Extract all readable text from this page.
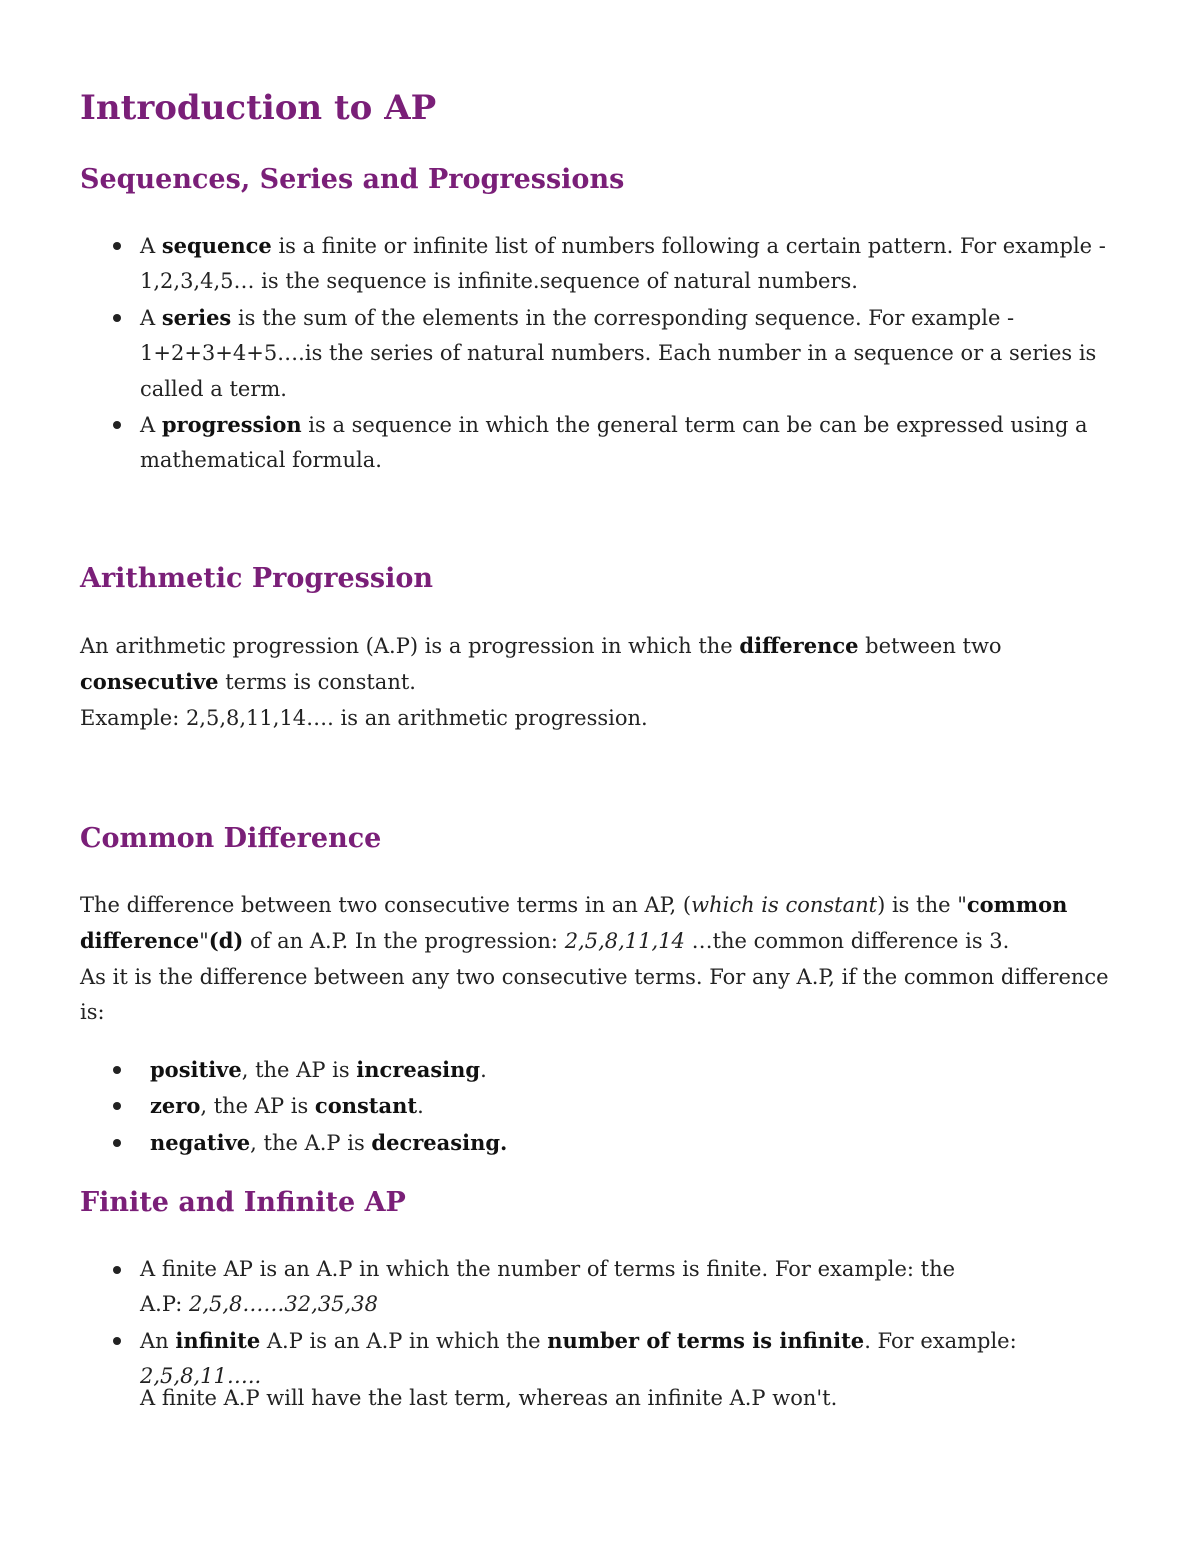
Introduction to AP
Sequences, Series and Progressions
A sequence is a finite or infinite list of numbers following a certain pattern. For example - 1,2,3,4,5… is the sequence is infinite.sequence of natural numbers.
A series is the sum of the elements in the corresponding sequence. For example - 1+2+3+4+5….is the series of natural numbers. Each number in a sequence or a series is called a term.
A progression is a sequence in which the general term can be can be expressed using a mathematical formula.
Arithmetic Progression

An arithmetic progression (A.P) is a progression in which the difference between two consecutive terms is constant.
Example: 2,5,8,11,14…. is an arithmetic progression.

Common Difference

The difference between two consecutive terms in an AP, (which is constant) is the "common difference"(d) of an A.P. In the progression: 2,5,8,11,14 …the common difference is 3.
As it is the difference between any two consecutive terms. For any A.P, if the common difference is:

positive, the AP is increasing.
zero, the AP is constant.
negative, the A.P is decreasing.
Finite and Infinite AP
A finite AP is an A.P in which the number of terms is finite. For example: the A.P: 2,5,8……32,35,38
An infinite A.P is an A.P in which the number of terms is infinite. For example: 2,5,8,11…..

A finite A.P will have the last term, whereas an infinite A.P won't.
